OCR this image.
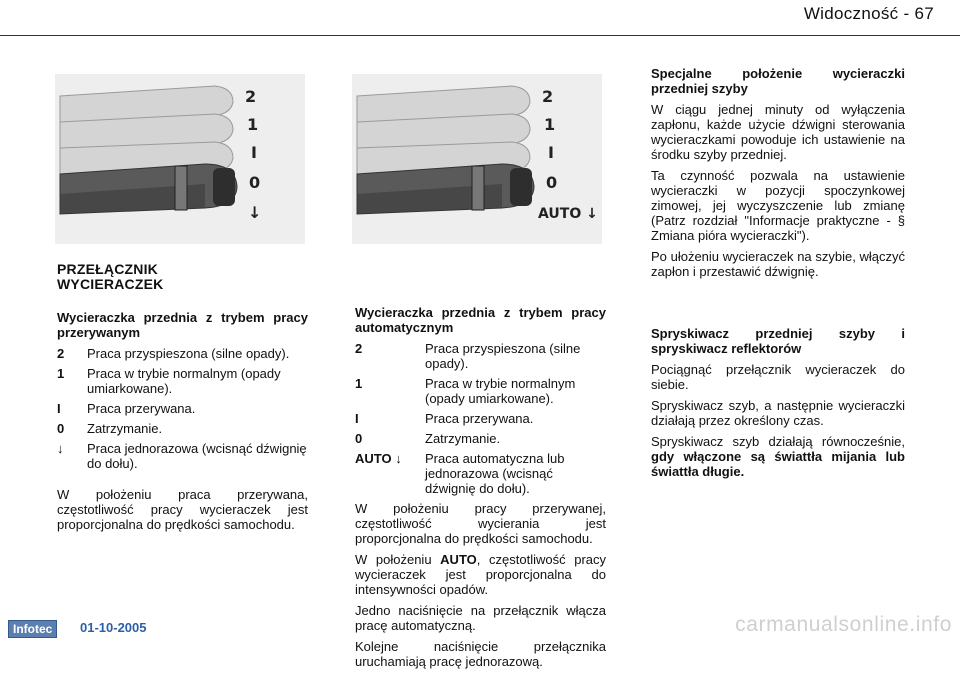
Widoczność - 67
2
1
I
0
↓
2
1
I
0
AUTO ↓
PRZEŁĄCZNIK WYCIERACZEK

Wycieraczka przednia z trybem pracy przerywanym

2	Praca przyspieszona (silne opady).
1	Praca w trybie normalnym (opady umiarkowane).
I	Praca przerywana.
0	Zatrzymanie.
↓	Praca jednorazowa (wcisnąć dźwignię do dołu).

W położeniu praca przerywana, częstotliwość pracy wycieraczek jest proporcjonalna do prędkości samochodu.

Wycieraczka przednia z trybem pracy automatycznym

2	Praca przyspieszona (silne opady).
1	Praca w trybie normalnym (opady umiarkowane).
I	Praca przerywana.
0	Zatrzymanie.
AUTO ↓	Praca automatyczna lub jednorazowa (wcisnąć dźwignię do dołu).

W położeniu pracy przerywanej, częstotliwość wycierania jest proporcjonalna do prędkości samochodu.

W położeniu AUTO, częstotliwość pracy wycieraczek jest proporcjonalna do intensywności opadów.

Jedno naciśnięcie na przełącznik włącza pracę automatyczną.

Kolejne naciśnięcie przełącznika uruchamiają pracę jednorazową.

Specjalne położenie wycieraczki przedniej szyby

W ciągu jednej minuty od wyłączenia zapłonu, każde użycie dźwigni sterowania wycieraczkami powoduje ich ustawienie na środku szyby przedniej.

Ta czynność pozwala na ustawienie wycieraczki w pozycji spoczynkowej zimowej, jej wyczyszczenie lub zmianę (Patrz rozdział "Informacje praktyczne - § Zmiana pióra wycieraczki").

Po ułożeniu wycieraczek na szybie, włączyć zapłon i przestawić dźwignię.

Spryskiwacz przedniej szyby i spryskiwacz reflektorów

Pociągnąć przełącznik wycieraczek do siebie.

Spryskiwacz szyb, a następnie wycieraczki działają przez określony czas.

Spryskiwacz szyb działają równocześnie, gdy włączone są świattła mijania lub świattła długie.

Infotec	01-10-2005	carmanualsonline.info
